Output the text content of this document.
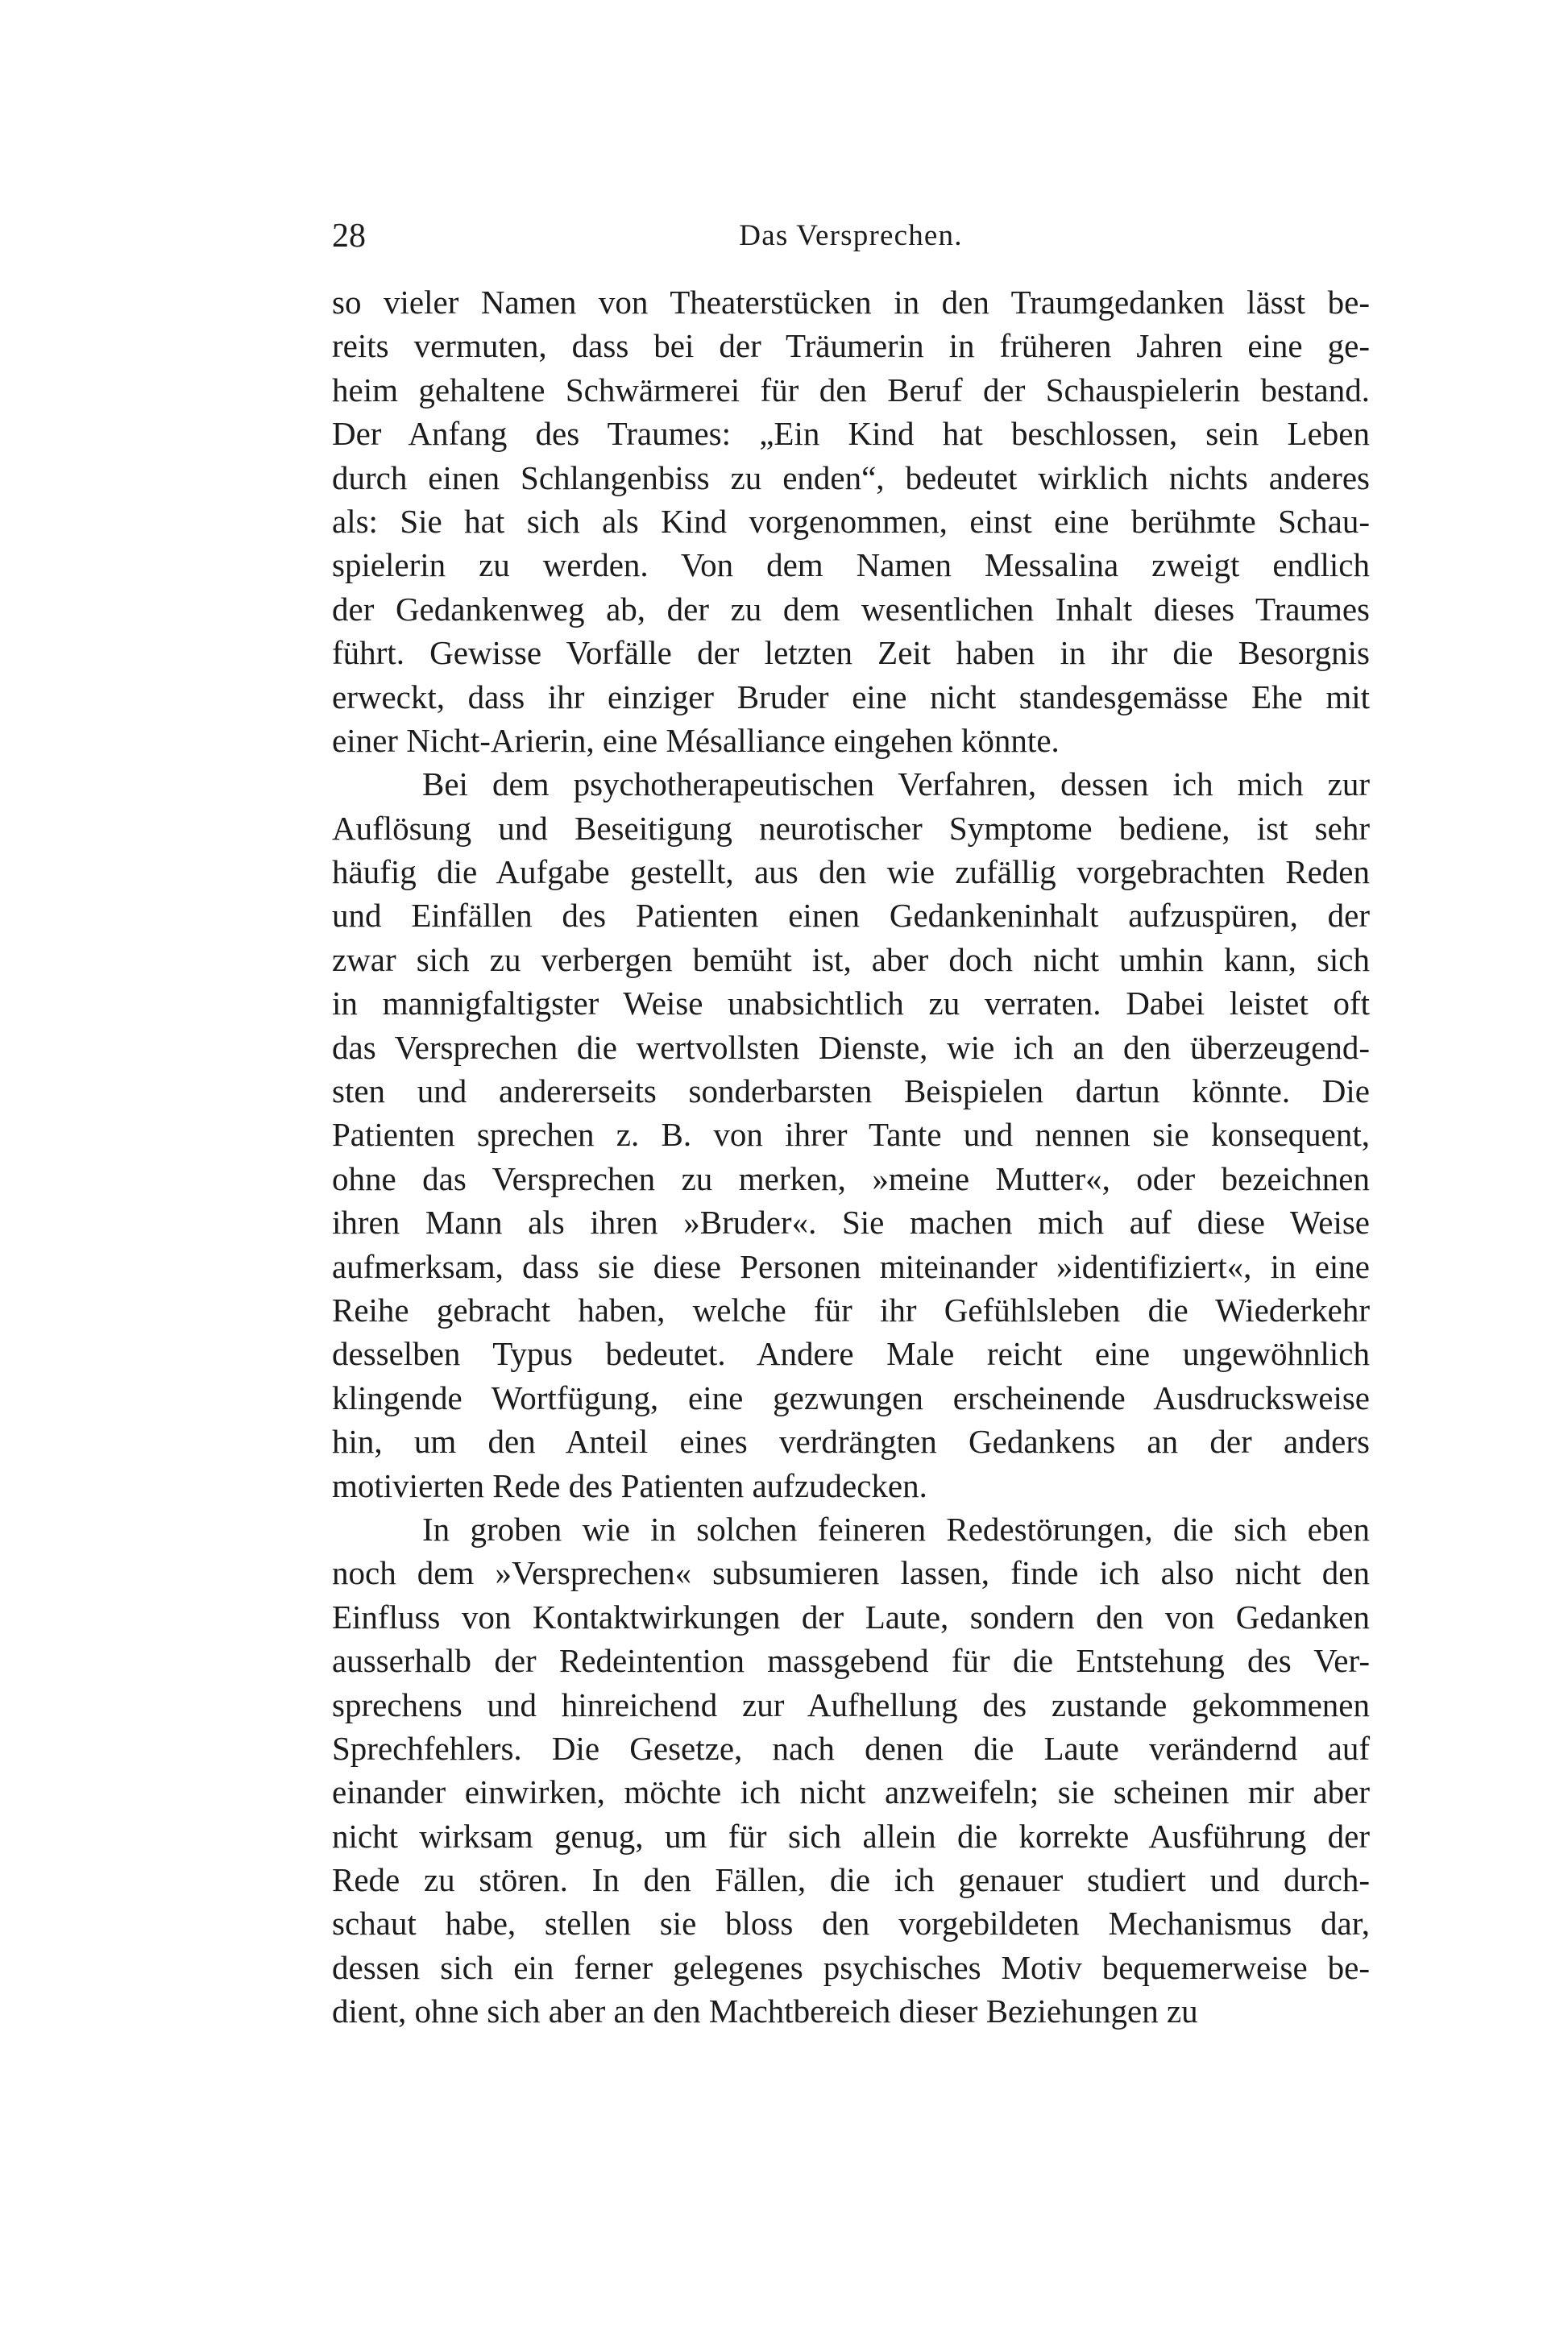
28	Das Versprechen.
so vieler Namen von Theaterstücken in den Traumgedanken lässt be-
reits vermuten, dass bei der Träumerin in früheren Jahren eine ge-
heim gehaltene Schwärmerei für den Beruf der Schauspielerin bestand.
Der Anfang des Traumes: „Ein Kind hat beschlossen, sein Leben
durch einen Schlangenbiss zu enden“, bedeutet wirklich nichts anderes
als: Sie hat sich als Kind vorgenommen, einst eine berühmte Schau-
spielerin zu werden. Von dem Namen Messalina zweigt endlich
der Gedankenweg ab, der zu dem wesentlichen Inhalt dieses Traumes
führt. Gewisse Vorfälle der letzten Zeit haben in ihr die Besorgnis
erweckt, dass ihr einziger Bruder eine nicht standesgemässe Ehe mit
einer Nicht-Arierin, eine Mésalliance eingehen könnte.
Bei dem psychotherapeutischen Verfahren, dessen ich mich zur
Auflösung und Beseitigung neurotischer Symptome bediene, ist sehr
häufig die Aufgabe gestellt, aus den wie zufällig vorgebrachten Reden
und Einfällen des Patienten einen Gedankeninhalt aufzuspüren, der
zwar sich zu verbergen bemüht ist, aber doch nicht umhin kann, sich
in mannigfaltigster Weise unabsichtlich zu verraten. Dabei leistet oft
das Versprechen die wertvollsten Dienste, wie ich an den überzeugend-
sten und andererseits sonderbarsten Beispielen dartun könnte. Die
Patienten sprechen z. B. von ihrer Tante und nennen sie konsequent,
ohne das Versprechen zu merken, »meine Mutter«, oder bezeichnen
ihren Mann als ihren »Bruder«. Sie machen mich auf diese Weise
aufmerksam, dass sie diese Personen miteinander »identifiziert«, in eine
Reihe gebracht haben, welche für ihr Gefühlsleben die Wiederkehr
desselben Typus bedeutet. Andere Male reicht eine ungewöhnlich
klingende Wortfügung, eine gezwungen erscheinende Ausdrucksweise
hin, um den Anteil eines verdrängten Gedankens an der anders
motivierten Rede des Patienten aufzudecken.
In groben wie in solchen feineren Redestörungen, die sich eben
noch dem »Versprechen« subsumieren lassen, finde ich also nicht den
Einfluss von Kontaktwirkungen der Laute, sondern den von Gedanken
ausserhalb der Redeintention massgebend für die Entstehung des Ver-
sprechens und hinreichend zur Aufhellung des zustande gekommenen
Sprechfehlers. Die Gesetze, nach denen die Laute verändernd auf
einander einwirken, möchte ich nicht anzweifeln; sie scheinen mir aber
nicht wirksam genug, um für sich allein die korrekte Ausführung der
Rede zu stören. In den Fällen, die ich genauer studiert und durch-
schaut habe, stellen sie bloss den vorgebildeten Mechanismus dar,
dessen sich ein ferner gelegenes psychisches Motiv bequemerweise be-
dient, ohne sich aber an den Machtbereich dieser Beziehungen zu
